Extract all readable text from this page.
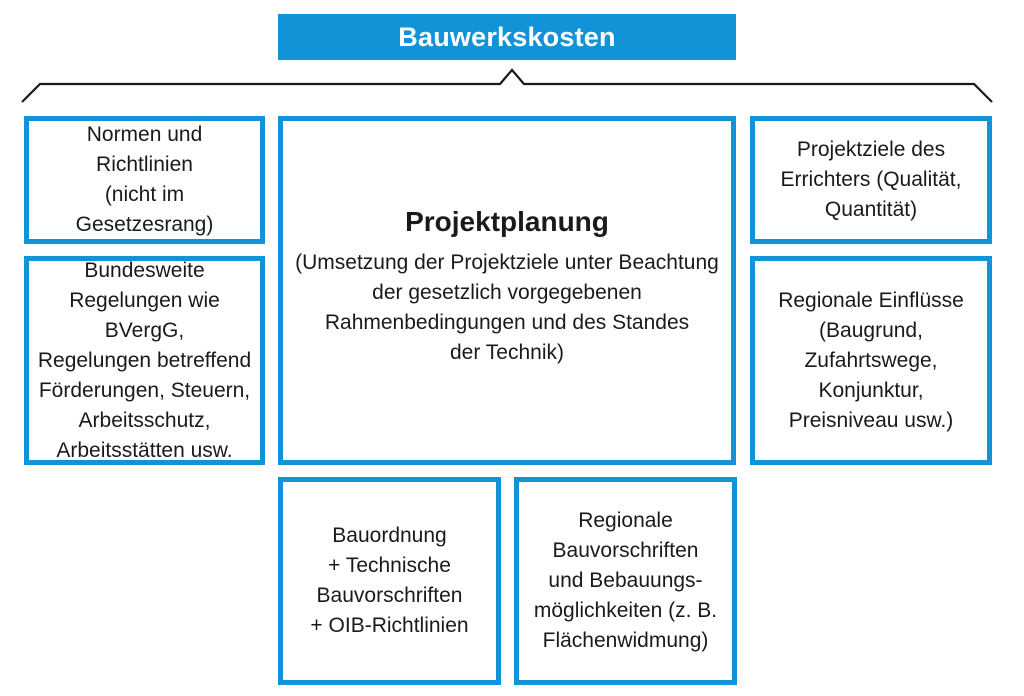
Bauwerkskosten
Normen und Richtlinien
(nicht im Gesetzesrang)
Bundesweite
Regelungen wie BVergG,
Regelungen betreffend
Förderungen, Steuern,
Arbeitsschutz,
Arbeitsstätten usw.
Projektplanung
(Umsetzung der Projektziele unter Beachtung
der gesetzlich vorgegebenen
Rahmenbedingungen und des Standes
der Technik)
Projektziele des
Errichters (Qualität,
Quantität)
Regionale Einflüsse
(Baugrund,
Zufahrtswege,
Konjunktur,
Preisniveau usw.)
Bauordnung
+ Technische
Bauvorschriften
+ OIB-Richtlinien
Regionale
Bauvorschriften
und Bebauungs-
möglichkeiten (z. B.
Flächenwidmung)
